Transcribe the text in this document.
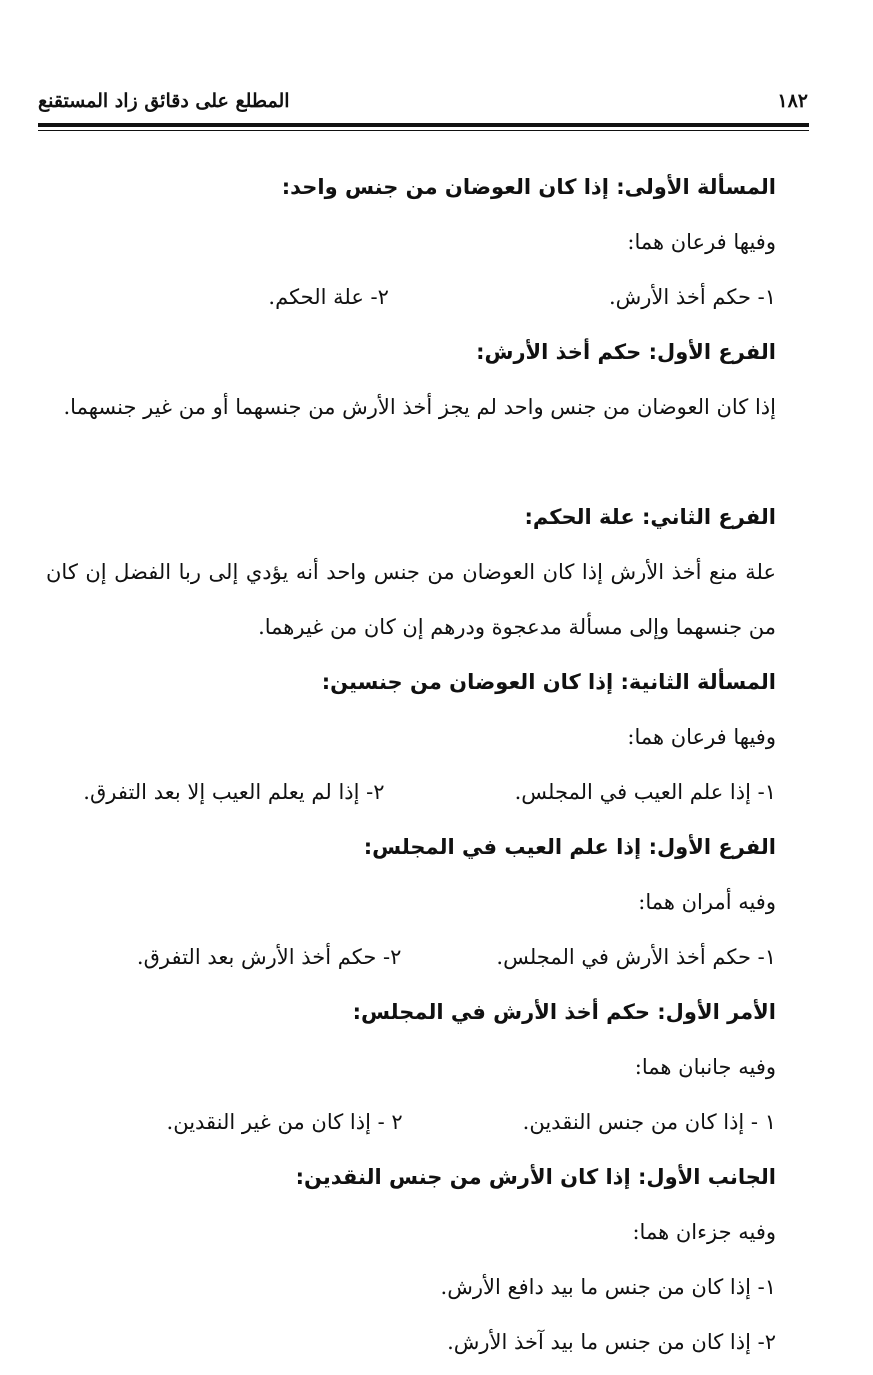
١٨٢
المطلع على دقائق زاد المستقنع
المسألة الأولى: إذا كان العوضان من جنس واحد:
وفيها فرعان هما:
١- حكم أخذ الأرش.٢- علة الحكم.
الفرع الأول: حكم أخذ الأرش:
إذا كان العوضان من جنس واحد لم يجز أخذ الأرش من جنسهما أو من غير جنسهما.
الفرع الثاني: علة الحكم:
علة منع أخذ الأرش إذا كان العوضان من جنس واحد أنه يؤدي إلى ربا الفضل إن كان من جنسهما وإلى مسألة مدعجوة ودرهم إن كان من غيرهما.
المسألة الثانية: إذا كان العوضان من جنسين:
وفيها فرعان هما:
١- إذا علم العيب في المجلس.٢- إذا لم يعلم العيب إلا بعد التفرق.
الفرع الأول: إذا علم العيب في المجلس:
وفيه أمران هما:
١- حكم أخذ الأرش في المجلس.٢- حكم أخذ الأرش بعد التفرق.
الأمر الأول: حكم أخذ الأرش في المجلس:
وفيه جانبان هما:
١ - إذا كان من جنس النقدين.٢ - إذا كان من غير النقدين.
الجانب الأول: إذا كان الأرش من جنس النقدين:
وفيه جزءان هما:
١- إذا كان من جنس ما بيد دافع الأرش.
٢- إذا كان من جنس ما بيد آخذ الأرش.
